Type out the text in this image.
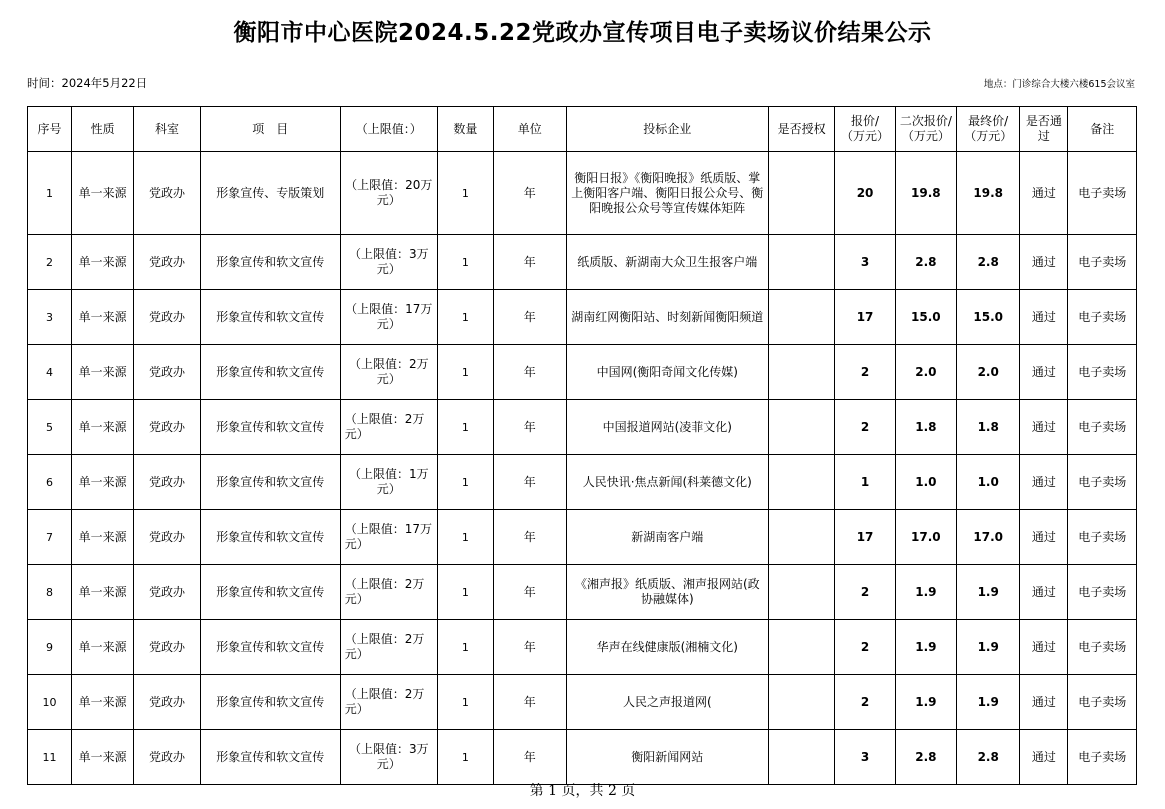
衡阳市中心医院2024.5.22党政办宣传项目电子卖场议价结果公示
时间：2024年5月22日	地点：门诊综合大楼六楼615会议室
序号	性质	科室	项　目	（上限值：）	数量	单位	投标企业	是否授权	报价/（万元）	二次报价/（万元）	最终价/（万元）	是否通过	备注
1	单一来源	党政办	形象宣传、专版策划	（上限值：20万元）	1	年	衡阳日报》《衡阳晚报》纸质版、掌上衡阳客户端、衡阳日报公众号、衡阳晚报公众号等宣传媒体矩阵		20	19.8	19.8	通过	电子卖场
2	单一来源	党政办	形象宣传和软文宣传	（上限值：3万元）	1	年	纸质版、新湖南大众卫生报客户端		3	2.8	2.8	通过	电子卖场
3	单一来源	党政办	形象宣传和软文宣传	（上限值：17万元）	1	年	湖南红网衡阳站、时刻新闻衡阳频道		17	15.0	15.0	通过	电子卖场
4	单一来源	党政办	形象宣传和软文宣传	（上限值：2万元）	1	年	中国网(衡阳奇闻文化传媒)		2	2.0	2.0	通过	电子卖场
5	单一来源	党政办	形象宣传和软文宣传	（上限值：2万元）	1	年	中国报道网站(凌菲文化)		2	1.8	1.8	通过	电子卖场
6	单一来源	党政办	形象宣传和软文宣传	（上限值：1万元）	1	年	人民快讯·焦点新闻(科莱德文化)		1	1.0	1.0	通过	电子卖场
7	单一来源	党政办	形象宣传和软文宣传	（上限值：17万元）	1	年	新湖南客户端		17	17.0	17.0	通过	电子卖场
8	单一来源	党政办	形象宣传和软文宣传	（上限值：2万元）	1	年	《湘声报》纸质版、湘声报网站(政协融媒体)		2	1.9	1.9	通过	电子卖场
9	单一来源	党政办	形象宣传和软文宣传	（上限值：2万元）	1	年	华声在线健康版(湘楠文化)		2	1.9	1.9	通过	电子卖场
10	单一来源	党政办	形象宣传和软文宣传	（上限值：2万元）	1	年	人民之声报道网(		2	1.9	1.9	通过	电子卖场
11	单一来源	党政办	形象宣传和软文宣传	（上限值：3万元）	1	年	衡阳新闻网站		3	2.8	2.8	通过	电子卖场
第 1 页，共 2 页
